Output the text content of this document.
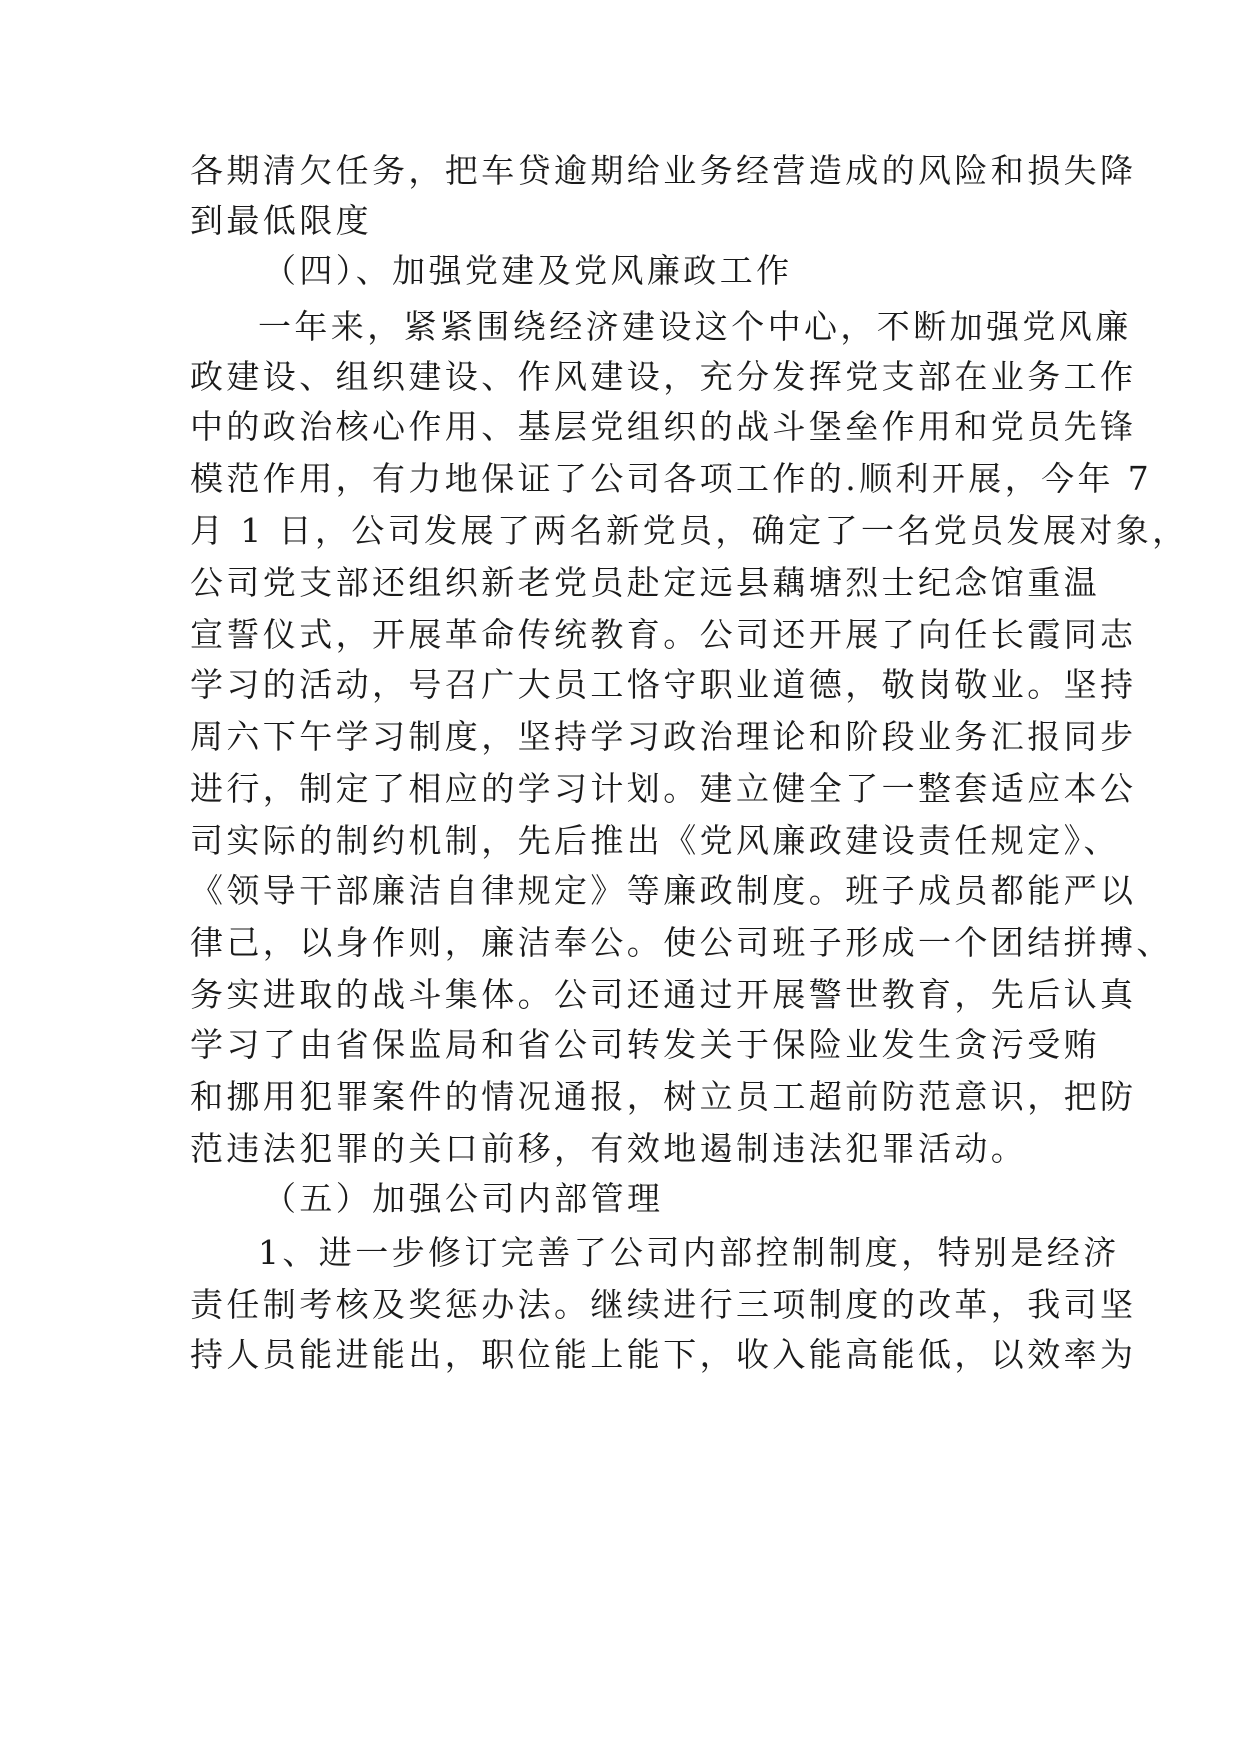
各期清欠任务，把车贷逾期给业务经营造成的风险和损失降
到最低限度
（四）、加强党建及党风廉政工作
一年来，紧紧围绕经济建设这个中心，不断加强党风廉
政建设、组织建设、作风建设，充分发挥党支部在业务工作
中的政治核心作用、基层党组织的战斗堡垒作用和党员先锋
模范作用，有力地保证了公司各项工作的.顺利开展，今年 7
月 1 日，公司发展了两名新党员，确定了一名党员发展对象，
公司党支部还组织新老党员赴定远县藕塘烈士纪念馆重温
宣誓仪式，开展革命传统教育。公司还开展了向任长霞同志
学习的活动，号召广大员工恪守职业道德，敬岗敬业。坚持
周六下午学习制度，坚持学习政治理论和阶段业务汇报同步
进行，制定了相应的学习计划。建立健全了一整套适应本公
司实际的制约机制，先后推出《党风廉政建设责任规定》、
《领导干部廉洁自律规定》等廉政制度。班子成员都能严以
律己，以身作则，廉洁奉公。使公司班子形成一个团结拼搏、
务实进取的战斗集体。公司还通过开展警世教育，先后认真
学习了由省保监局和省公司转发关于保险业发生贪污受贿
和挪用犯罪案件的情况通报，树立员工超前防范意识，把防
范违法犯罪的关口前移，有效地遏制违法犯罪活动。
（五）加强公司内部管理
1、进一步修订完善了公司内部控制制度，特别是经济
责任制考核及奖惩办法。继续进行三项制度的改革，我司坚
持人员能进能出，职位能上能下，收入能高能低，以效率为
